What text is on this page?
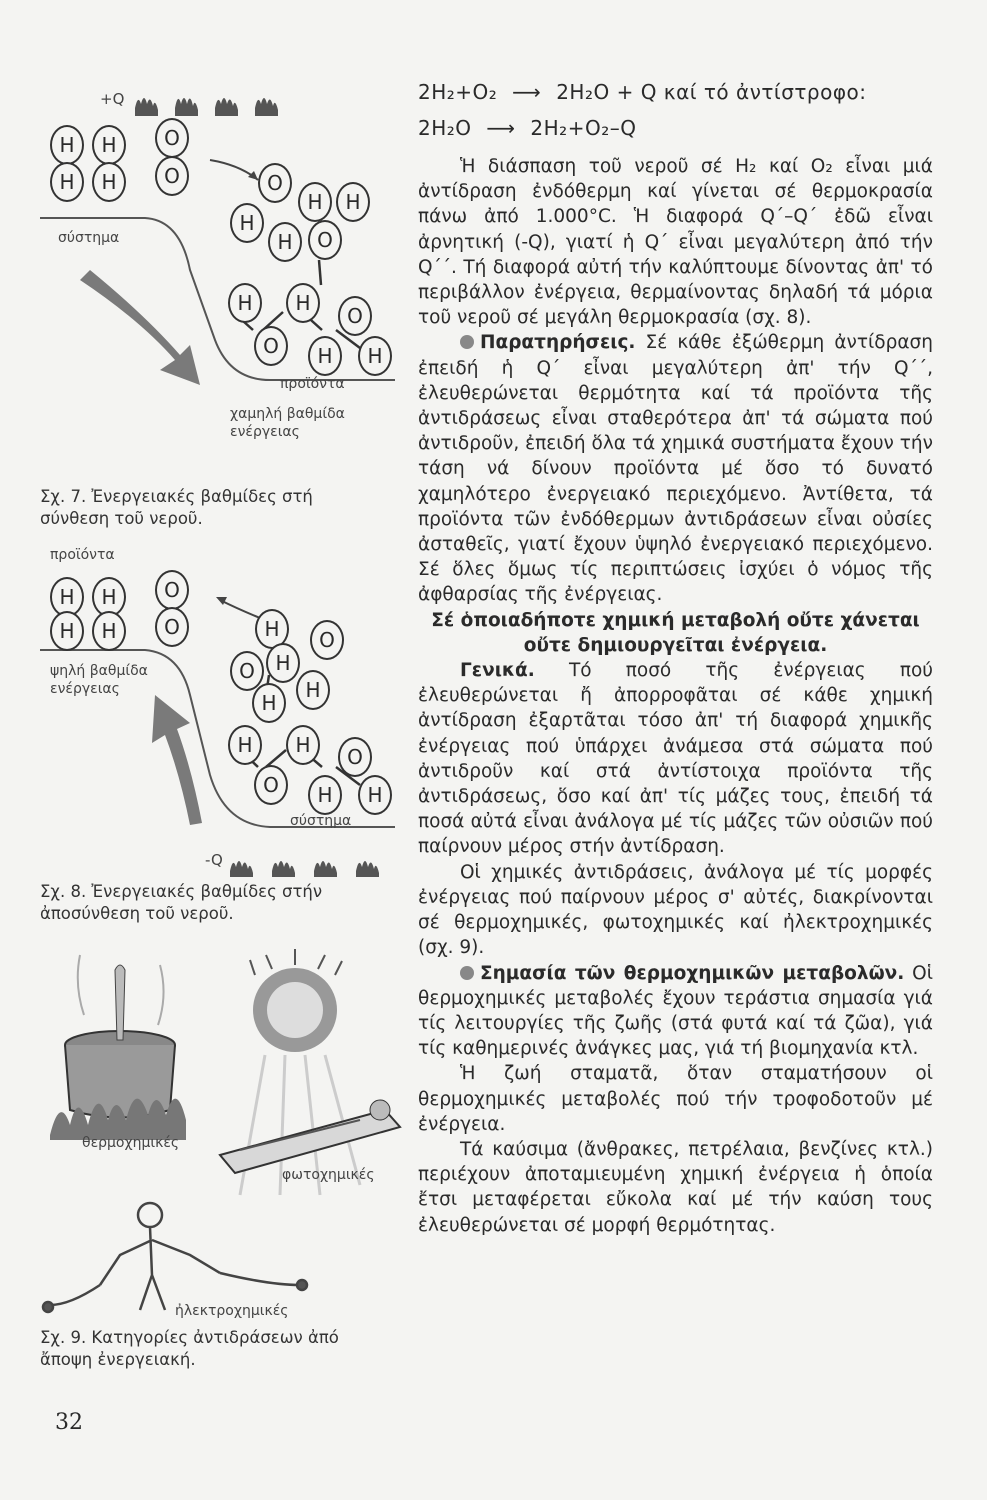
+Q
H	H	O
H	H	O
σύστημα
O
H	H
H
H	O
H	H
O
O	H	H
προϊόντα
χαμηλή βαθμίδα
ενέργειας
Σχ. 7. Ἐνεργειακές βαθμίδες στή
σύνθεση τοῦ νεροῦ.
προϊόντα
H	H	O
H	H	O
ψηλή βαθμίδα
ενέργειας
H	O
O	H
H
H
H	H	O
O	H	H
σύστημα
-Q
Σχ. 8. Ἐνεργειακές βαθμίδες στήν
ἀποσύνθεση τοῦ νεροῦ.
θερμοχημικές
φωτοχημικές
ἠλεκτροχημικές
Σχ. 9. Κατηγορίες ἀντιδράσεων ἀπό
ἄποψη ἐνεργειακή.
32
2H₂+O₂ ⟶ 2H₂O + Q καί τό ἀντίστροφο:
2H₂O ⟶ 2H₂+O₂–Q

Ἡ διάσπαση τοῦ νεροῦ σέ H₂ καί O₂ εἶναι μιά ἀντίδραση ἐνδόθερμη καί γίνεται σέ θερμοκρασία πάνω ἀπό 1.000°C. Ἡ διαφορά Q΄–Q΄ ἐδῶ εἶναι ἀρνητική (-Q), γιατί ἡ Q΄ εἶναι μεγαλύτερη ἀπό τήν Q΄΄. Τή διαφορά αὐτή τήν καλύπτουμε δίνοντας ἀπ' τό περιβάλλον ἐνέργεια, θερμαίνοντας δηλαδή τά μόρια τοῦ νεροῦ σέ μεγάλη θερμοκρασία (σχ. 8).

Παρατηρήσεις. Σέ κάθε ἐξώθερμη ἀντίδραση ἐπειδή ἡ Q΄ εἶναι μεγαλύτερη ἀπ' τήν Q΄΄, ἐλευθερώνεται θερμότητα καί τά προϊόντα τῆς ἀντιδράσεως εἶναι σταθερότερα ἀπ' τά σώματα πού ἀντιδροῦν, ἐπειδή ὅλα τά χημικά συστήματα ἔχουν τήν τάση νά δίνουν προϊόντα μέ ὅσο τό δυνατό χαμηλότερο ἐνεργειακό περιεχόμενο. Ἀντίθετα, τά προϊόντα τῶν ἐνδόθερμων ἀντιδράσεων εἶναι οὐσίες ἀσταθεῖς, γιατί ἔχουν ὑψηλό ἐνεργειακό περιεχόμενο. Σέ ὅλες ὅμως τίς περιπτώσεις ἰσχύει ὁ νόμος τῆς ἀφθαρσίας τῆς ἐνέργειας.

Σέ ὁποιαδήποτε χημική μεταβολή οὔτε χάνεται οὔτε δημιουργεῖται ἐνέργεια.

Γενικά. Τό ποσό τῆς ἐνέργειας πού ἐλευθερώνεται ἤ ἀπορροφᾶται σέ κάθε χημική ἀντίδραση ἐξαρτᾶται τόσο ἀπ' τή διαφορά χημικῆς ἐνέργειας πού ὑπάρχει ἀνάμεσα στά σώματα πού ἀντιδροῦν καί στά ἀντίστοιχα προϊόντα τῆς ἀντιδράσεως, ὅσο καί ἀπ' τίς μάζες τους, ἐπειδή τά ποσά αὐτά εἶναι ἀνάλογα μέ τίς μάζες τῶν οὐσιῶν πού παίρνουν μέρος στήν ἀντίδραση.

Οἱ χημικές ἀντιδράσεις, ἀνάλογα μέ τίς μορφές ἐνέργειας πού παίρνουν μέρος σ' αὐτές, διακρίνονται σέ θερμοχημικές, φωτοχημικές καί ἠλεκτροχημικές (σχ. 9).

Σημασία τῶν θερμοχημικῶν μεταβολῶν. Οἱ θερμοχημικές μεταβολές ἔχουν τεράστια σημασία γιά τίς λειτουργίες τῆς ζωῆς (στά φυτά καί τά ζῶα), γιά τίς καθημερινές ἀνάγκες μας, γιά τή βιομηχανία κτλ.

Ἡ ζωή σταματᾶ, ὅταν σταματήσουν οἱ θερμοχημικές μεταβολές πού τήν τροφοδοτοῦν μέ ἐνέργεια.

Τά καύσιμα (ἄνθρακες, πετρέλαια, βενζίνες κτλ.) περιέχουν ἀποταμιευμένη χημική ἐνέργεια ἡ ὁποία ἔτσι μεταφέρεται εὔκολα καί μέ τήν καύση τους ἐλευθερώνεται σέ μορφή θερμότητας.
